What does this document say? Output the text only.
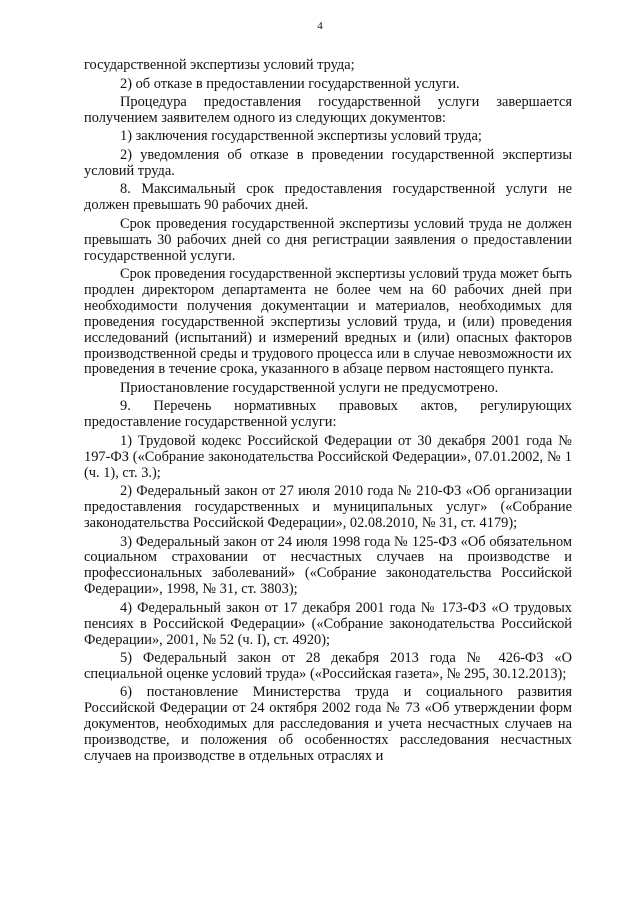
4

государственной экспертизы условий труда;

2) об отказе в предоставлении государственной услуги.

Процедура предоставления государственной услуги завершается получением заявителем одного из следующих документов:

1) заключения государственной экспертизы условий труда;

2) уведомления об отказе в проведении государственной экспертизы условий труда.

8. Максимальный срок предоставления государственной услуги не должен превышать 90 рабочих дней.

Срок проведения государственной экспертизы условий труда не должен превышать 30 рабочих дней со дня регистрации заявления о предоставлении государственной услуги.

Срок проведения государственной экспертизы условий труда может быть продлен директором департамента не более чем на 60 рабочих дней при необходимости получения документации и материалов, необходимых для проведения государственной экспертизы условий труда, и (или) проведения исследований (испытаний) и измерений вредных и (или) опасных факторов производственной среды и трудового процесса или в случае невозможности их проведения в течение срока, указанного в абзаце первом настоящего пункта.

Приостановление государственной услуги не предусмотрено.

9. Перечень нормативных правовых актов, регулирующих предоставление государственной услуги:

1) Трудовой кодекс Российской Федерации от 30 декабря 2001 года № 197-ФЗ («Собрание законодательства Российской Федерации», 07.01.2002, № 1 (ч. 1), ст. 3.);

2) Федеральный закон от 27 июля 2010 года № 210-ФЗ «Об организации предоставления государственных и муниципальных услуг» («Собрание законодательства Российской Федерации», 02.08.2010, № 31, ст. 4179);

3) Федеральный закон от 24 июля 1998 года № 125-ФЗ «Об обязательном социальном страховании от несчастных случаев на производстве и профессиональных заболеваний» («Собрание законодательства Российской Федерации», 1998, № 31, ст. 3803);

4) Федеральный закон от 17 декабря 2001 года № 173-ФЗ «О трудовых пенсиях в Российской Федерации» («Собрание законодательства Российской Федерации», 2001, № 52 (ч. I), ст. 4920);

5) Федеральный закон от 28 декабря 2013 года № 426-ФЗ «О специальной оценке условий труда» («Российская газета», № 295, 30.12.2013);

6) постановление Министерства труда и социального развития Российской Федерации от 24 октября 2002 года № 73 «Об утверждении форм документов, необходимых для расследования и учета несчастных случаев на производстве, и положения об особенностях расследования несчастных случаев на производстве в отдельных отраслях и
